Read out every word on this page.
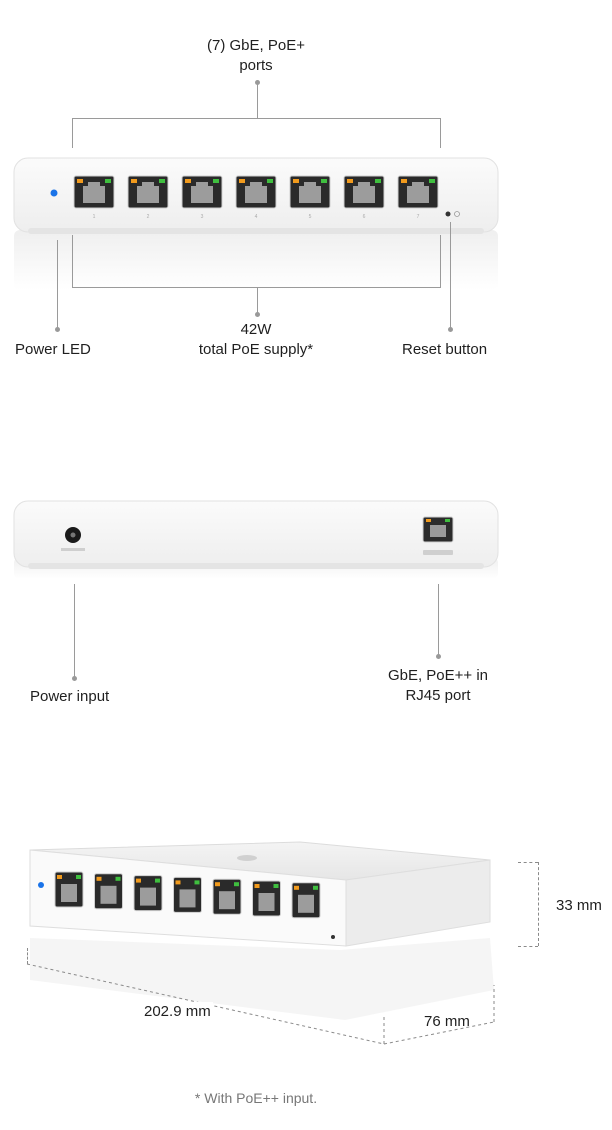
(7) GbE, PoE+
ports
1	2	3	4	5	6	7
42W
total PoE supply*
Power LED	Reset button
Power input
GbE, PoE++ in
RJ45 port
33 mm
202.9 mm
76 mm
* With PoE++ input.
